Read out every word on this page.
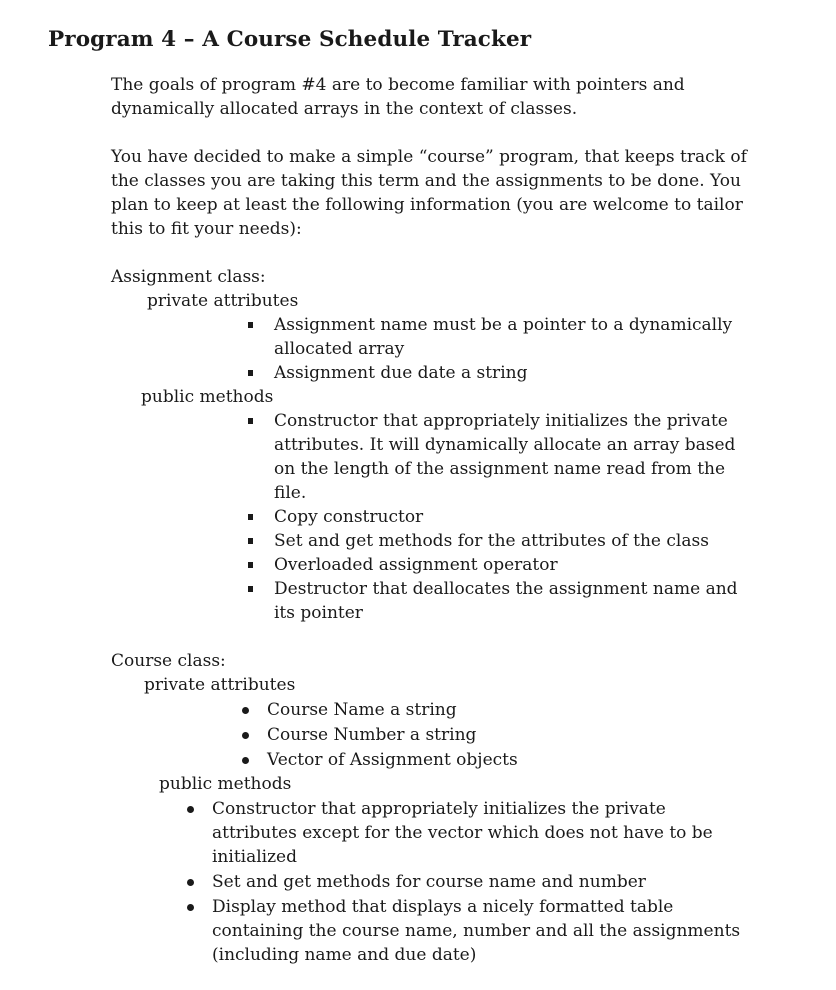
Program 4 – A Course Schedule Tracker
The goals of program #4 are to become familiar with pointers and
dynamically allocated arrays in the context of classes.
You have decided to make a simple “course” program, that keeps track of
the classes you are taking this term and the assignments to be done. You
plan to keep at least the following information (you are welcome to tailor
this to fit your needs):
Assignment class:
private attributes
Assignment name must be a pointer to a dynamically
allocated array
Assignment due date a string
public methods
Constructor that appropriately initializes the private
attributes. It will dynamically allocate an array based
on the length of the assignment name read from the
file.
Copy constructor
Set and get methods for the attributes of the class
Overloaded assignment operator
Destructor that deallocates the assignment name and
its pointer
Course class:
private attributes
Course Name a string
Course Number a string
Vector of Assignment objects
public methods
Constructor that appropriately initializes the private
attributes except for the vector which does not have to be
initialized
Set and get methods for course name and number
Display method that displays a nicely formatted table
containing the course name, number and all the assignments
(including name and due date)
